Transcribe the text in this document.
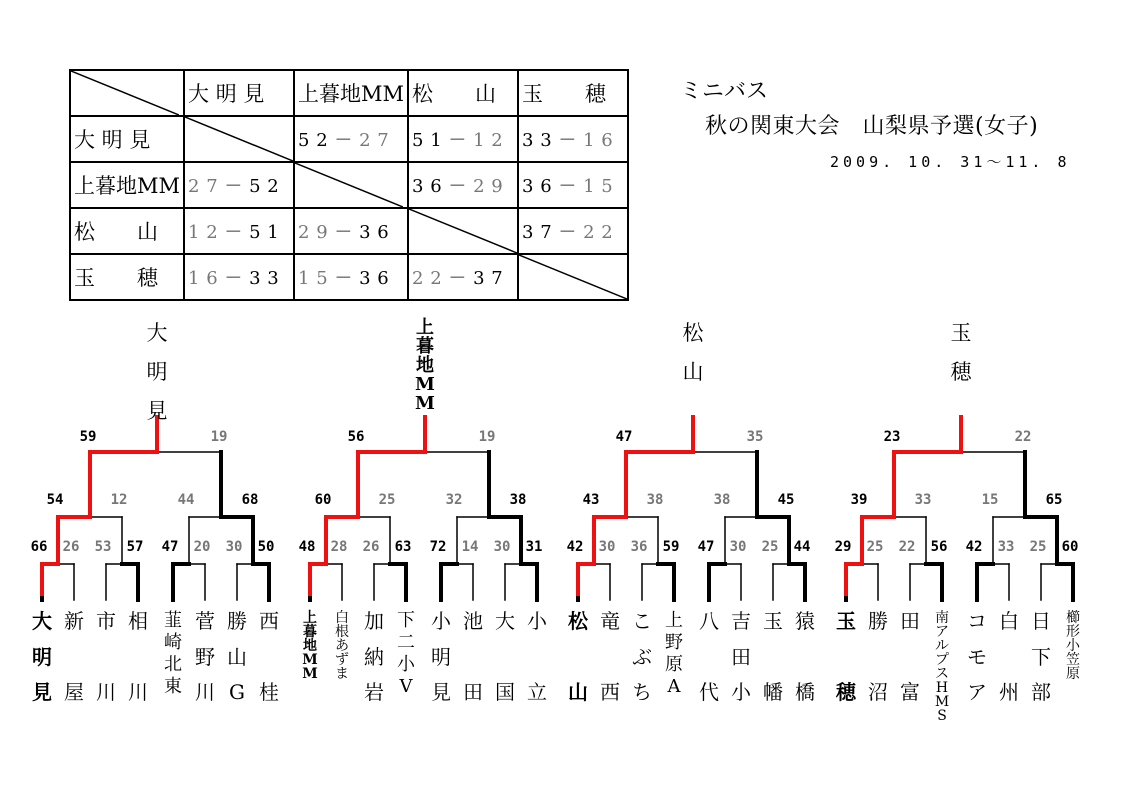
	大 明 見	上暮地MM	松　　山	玉　　穂
大 明 見		5 2 － 2 7	5 1 － 1 2	3 3 － 1 6
上暮地MM	2 7 － 5 2		3 6 － 2 9	3 6 － 1 5
松　　山	1 2 － 5 1	2 9 － 3 6		3 7 － 2 2
玉　　穂	1 6 － 3 3	1 5 － 3 6	2 2 － 3 7	
ミニバス
秋の関東大会　山梨県予選(女子)
2009. 10. 31～11. 8
66 26 53 57 47 20 30 50
54	12	44	68
59	19
大
明
見
大
明
見
新
屋
市
川
相
川
韮
崎
北
東
菅
野
川
勝
山
G
西
桂
48 28 26 63 72 14 30 31
60	25	32	38
56	19
上
暮
地
M
M
上
暮
地
M
M
白
根
あ
ず
ま
加
納
岩
下
二
小
V
小
明
見
池
田
大
国
小
立
42 30 36 59 47 30 25 44
43	38	38	45
47	35
松
山
松
山
竜
西
こ
ぶ
ち
上
野
原
A
八
代
吉
田
小
玉
幡
猿
橋
29 25 22 56 42 33 25 60
39	33	15	65
23	22
玉
穂
玉
穂
勝
沼
田
富
南
ア
ル
プ
ス
H
M
S
コ
モ
ア
白
州
日
下
部
櫛
形
小
笠
原
